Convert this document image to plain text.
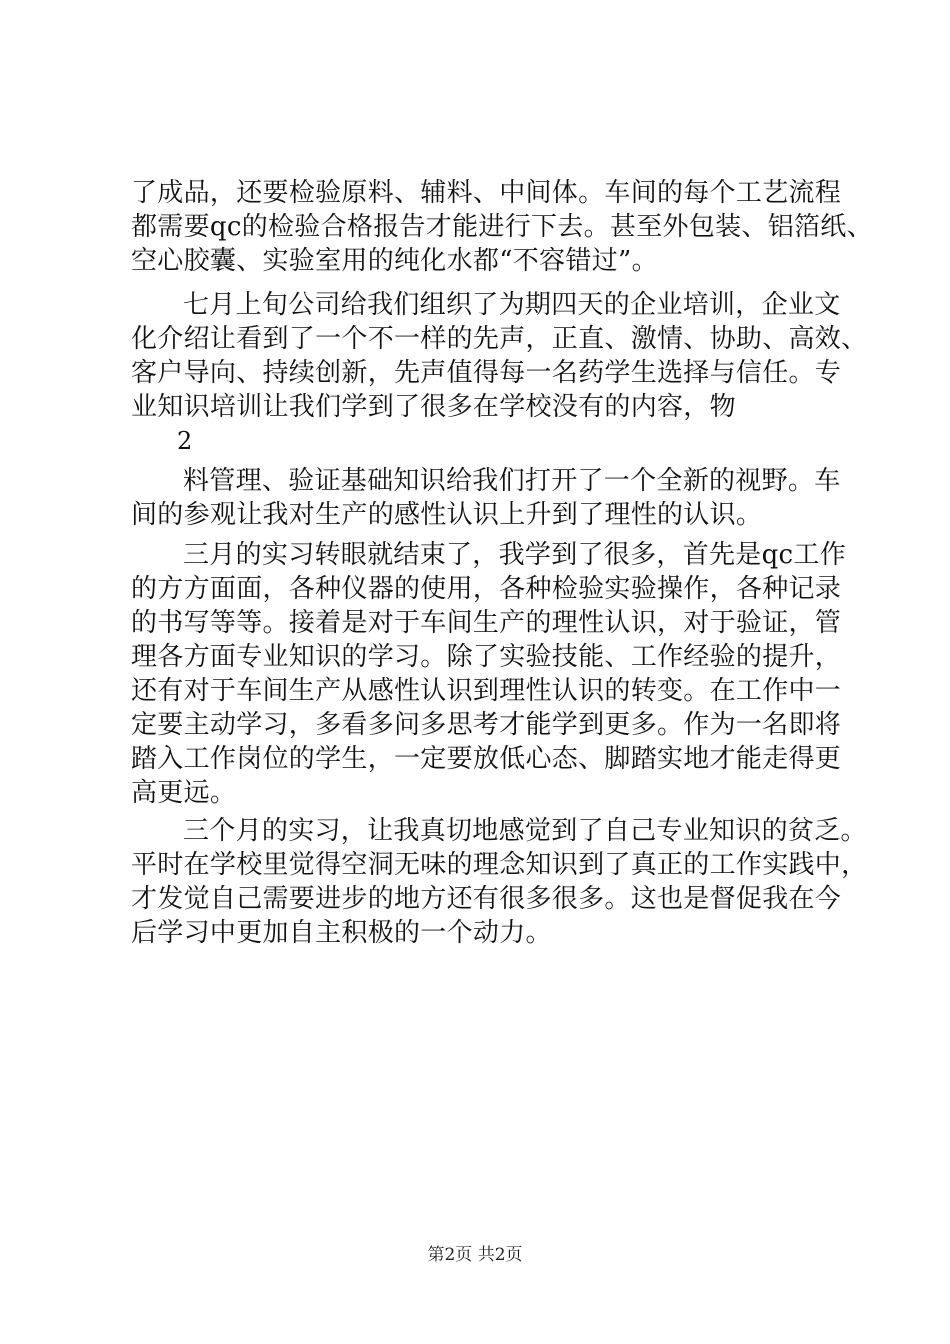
了成品，还要检验原料、辅料、中间体。车间的每个工艺流程
都需要qc的检验合格报告才能进行下去。甚至外包装、铝箔纸、
空心胶囊、实验室用的纯化水都“不容错过”。
七月上旬公司给我们组织了为期四天的企业培训，企业文
化介绍让看到了一个不一样的先声，正直、激情、协助、高效、
客户导向、持续创新，先声值得每一名药学生选择与信任。专
业知识培训让我们学到了很多在学校没有的内容，物
2
料管理、验证基础知识给我们打开了一个全新的视野。车
间的参观让我对生产的感性认识上升到了理性的认识。
三月的实习转眼就结束了，我学到了很多，首先是qc工作
的方方面面，各种仪器的使用，各种检验实验操作，各种记录
的书写等等。接着是对于车间生产的理性认识，对于验证，管
理各方面专业知识的学习。除了实验技能、工作经验的提升，
还有对于车间生产从感性认识到理性认识的转变。在工作中一
定要主动学习，多看多问多思考才能学到更多。作为一名即将
踏入工作岗位的学生，一定要放低心态、脚踏实地才能走得更
高更远。
三个月的实习，让我真切地感觉到了自己专业知识的贫乏。
平时在学校里觉得空洞无味的理念知识到了真正的工作实践中，
才发觉自己需要进步的地方还有很多很多。这也是督促我在今
后学习中更加自主积极的一个动力。
第2页 共2页
